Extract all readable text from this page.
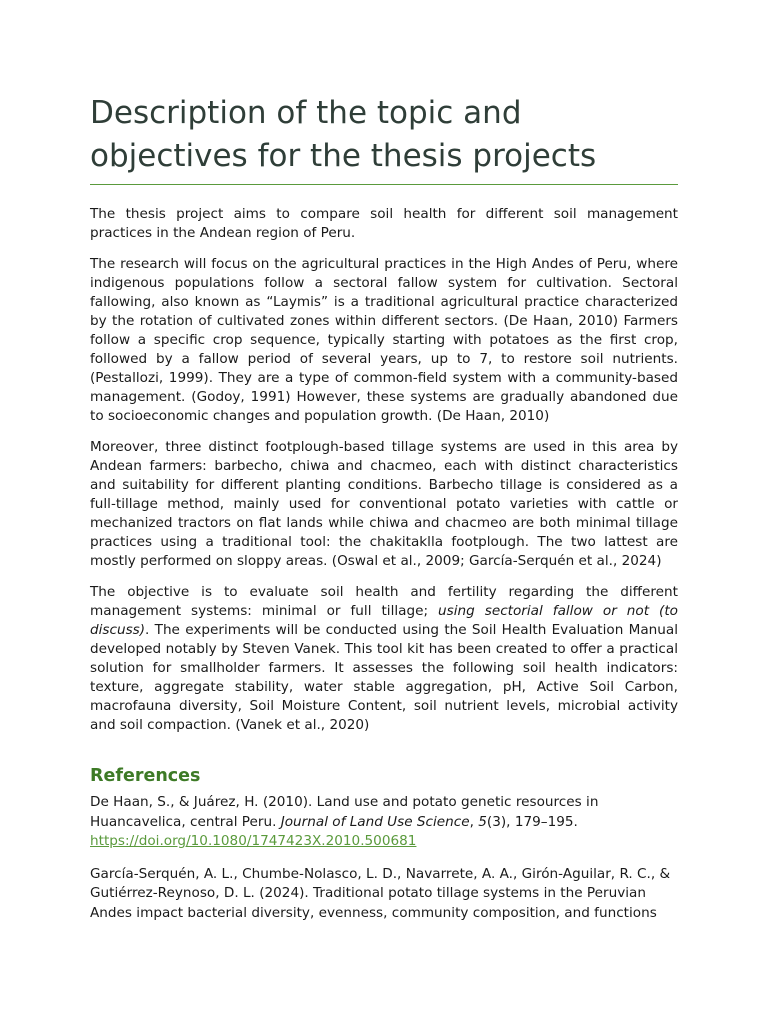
Description of the topic and objectives for the thesis projects

The thesis project aims to compare soil health for different soil management practices in the Andean region of Peru.

The research will focus on the agricultural practices in the High Andes of Peru, where indigenous populations follow a sectoral fallow system for cultivation. Sectoral fallowing, also known as “Laymis” is a traditional agricultural practice characterized by the rotation of cultivated zones within different sectors. (De Haan, 2010) Farmers follow a specific crop sequence, typically starting with potatoes as the first crop, followed by a fallow period of several years, up to 7, to restore soil nutrients. (Pestallozi, 1999). They are a type of common-field system with a community-based management. (Godoy, 1991) However, these systems are gradually abandoned due to socioeconomic changes and population growth. (De Haan, 2010)

Moreover, three distinct footplough-based tillage systems are used in this area by Andean farmers: barbecho, chiwa and chacmeo, each with distinct characteristics and suitability for different planting conditions. Barbecho tillage is considered as a full-tillage method, mainly used for conventional potato varieties with cattle or mechanized tractors on flat lands while chiwa and chacmeo are both minimal tillage practices using a traditional tool: the chakitaklla footplough. The two lattest are mostly performed on sloppy areas. (Oswal et al., 2009; García-Serquén et al., 2024)

The objective is to evaluate soil health and fertility regarding the different management systems: minimal or full tillage; using sectorial fallow or not (to discuss). The experiments will be conducted using the Soil Health Evaluation Manual developed notably by Steven Vanek. This tool kit has been created to offer a practical solution for smallholder farmers. It assesses the following soil health indicators: texture, aggregate stability, water stable aggregation, pH, Active Soil Carbon, macrofauna diversity, Soil Moisture Content, soil nutrient levels, microbial activity and soil compaction. (Vanek et al., 2020)

References

De Haan, S., & Juárez, H. (2010). Land use and potato genetic resources in Huancavelica, central Peru. Journal of Land Use Science, 5(3), 179–195.
https://doi.org/10.1080/1747423X.2010.500681

García-Serquén, A. L., Chumbe-Nolasco, L. D., Navarrete, A. A., Girón-Aguilar, R. C., & Gutiérrez-Reynoso, D. L. (2024). Traditional potato tillage systems in the Peruvian Andes impact bacterial diversity, evenness, community composition, and functions
